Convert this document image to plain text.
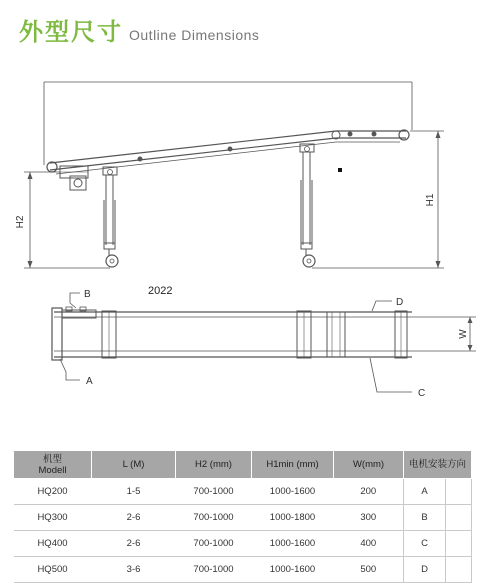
外型尺寸 Outline Dimensions
H2
H1
B
A
D
C
W
2022
机型
Modell	L (M)	H2 (mm)	H1min (mm)	W(mm)	电机安装方向	
HQ200	1-5	700-1000	1000-1600	200	A	
HQ300	2-6	700-1000	1000-1800	300	B	
HQ400	2-6	700-1000	1000-1600	400	C	
HQ500	3-6	700-1000	1000-1600	500	D	
